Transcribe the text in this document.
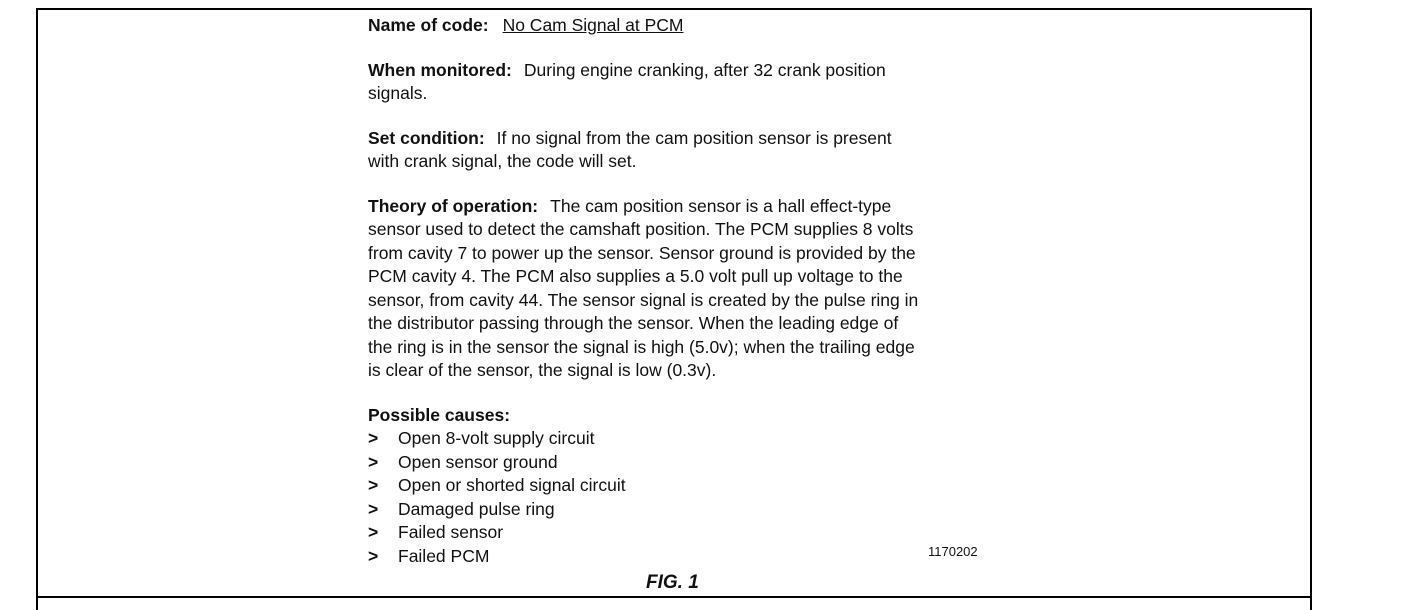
Name of code: No Cam Signal at PCM
When monitored: During engine cranking, after 32 crank position
signals.
Set condition: If no signal from the cam position sensor is present
with crank signal, the code will set.
Theory of operation: The cam position sensor is a hall effect-type
sensor used to detect the camshaft position. The PCM supplies 8 volts
from cavity 7 to power up the sensor. Sensor ground is provided by the
PCM cavity 4. The PCM also supplies a 5.0 volt pull up voltage to the
sensor, from cavity 44. The sensor signal is created by the pulse ring in
the distributor passing through the sensor. When the leading edge of
the ring is in the sensor the signal is high (5.0v); when the trailing edge
is clear of the sensor, the signal is low (0.3v).

Possible causes:

>	Open 8-volt supply circuit
>	Open sensor ground
>	Open or shorted signal circuit
>	Damaged pulse ring
>	Failed sensor
>	Failed PCM	1170202
FIG. 1
